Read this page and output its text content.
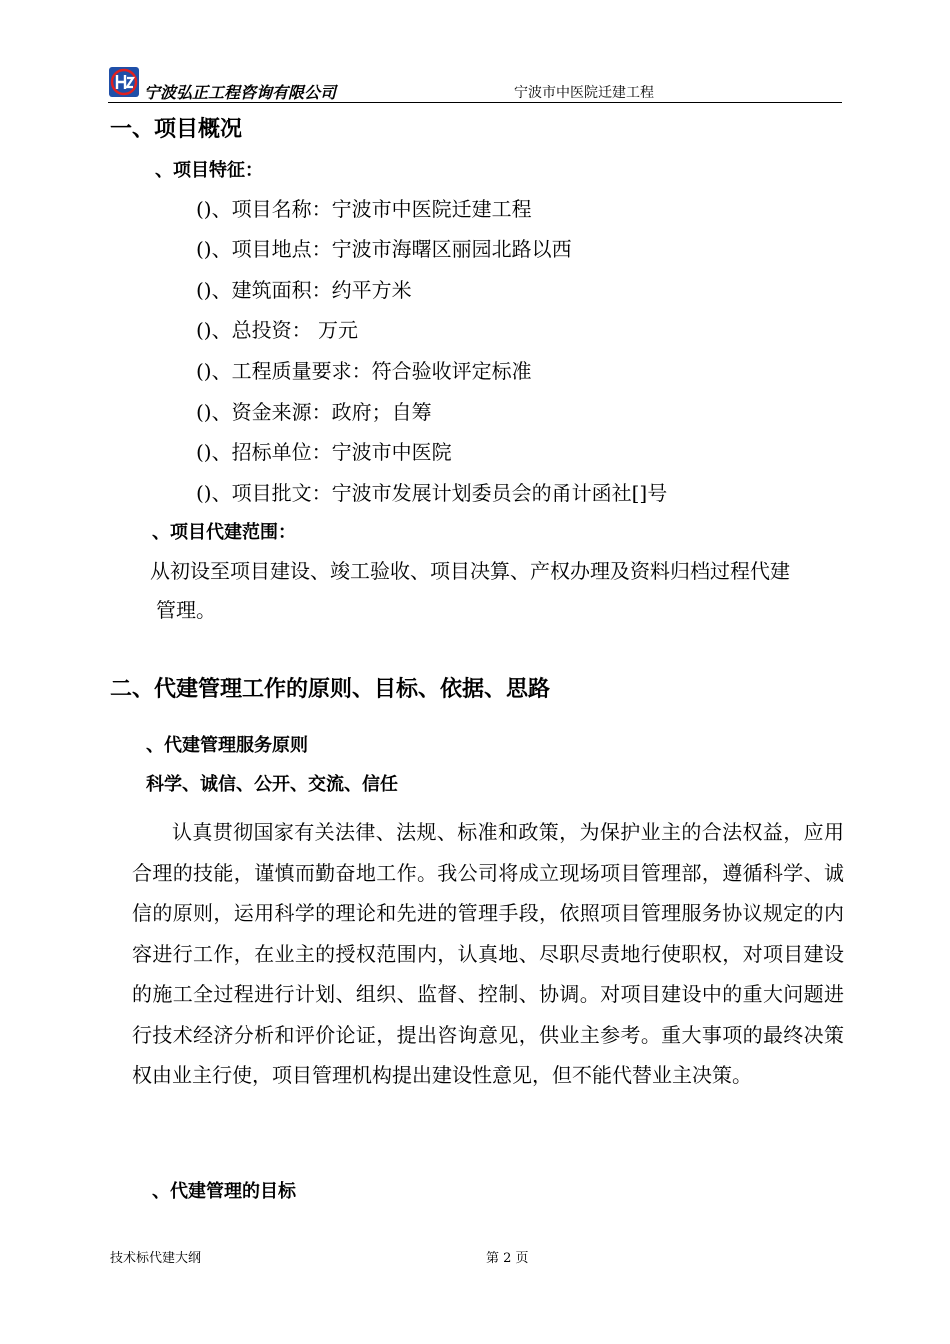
宁波弘正工程咨询有限公司	宁波市中医院迁建工程
一、项目概况
、项目特征：
()、项目名称：宁波市中医院迁建工程
()、项目地点：宁波市海曙区丽园北路以西
()、建筑面积：约平方米
()、总投资： 万元
()、工程质量要求：符合验收评定标准
()、资金来源：政府；自筹
()、招标单位：宁波市中医院
()、项目批文：宁波市发展计划委员会的甬计函社[]号
、项目代建范围：
从初设至项目建设、竣工验收、项目决算、产权办理及资料归档过程代建
管理。
二、代建管理工作的原则、目标、依据、思路
、代建管理服务原则
科学、诚信、公开、交流、信任

认真贯彻国家有关法律、法规、标准和政策，为保护业主的合法权益，应用合理的技能，谨慎而勤奋地工作。我公司将成立现场项目管理部，遵循科学、诚信的原则，运用科学的理论和先进的管理手段，依照项目管理服务协议规定的内容进行工作，在业主的授权范围内，认真地、尽职尽责地行使职权，对项目建设的施工全过程进行计划、组织、监督、控制、协调。对项目建设中的重大问题进行技术经济分析和评价论证，提出咨询意见，供业主参考。重大事项的最终决策权由业主行使，项目管理机构提出建设性意见，但不能代替业主决策。

、代建管理的目标
技术标代建大纲	第 2 页
